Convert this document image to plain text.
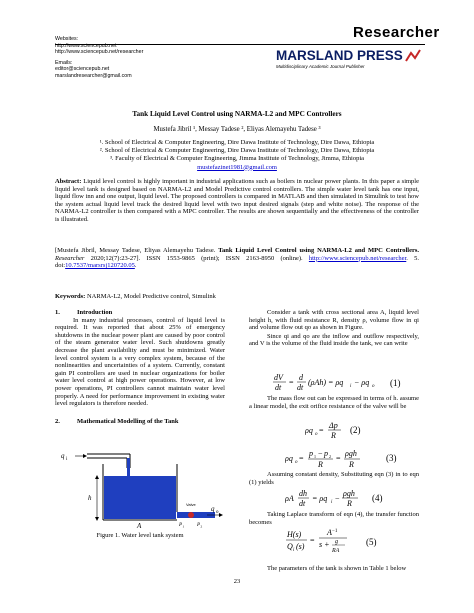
Websites:
http://www.sciencepub.net
http://www.sciencepub.net/researcher
Emails:
editor@sciencepub.net
marslandresearcher@gmail.com
Researcher
MARSLAND PRESS
Multidisciplinary Academic Journal Publisher
Tank Liquid Level Control using NARMA-L2 and MPC Controllers
Mustefa Jibril ¹, Messay Tadese ², Eliyas Alemayehu Tadese ³
¹. School of Electrical & Computer Engineering, Dire Dawa Institute of Technology, Dire Dawa, Ethiopia
². School of Electrical & Computer Engineering, Dire Dawa Institute of Technology, Dire Dawa, Ethiopia
³. Faculty of Electrical & Computer Engineering, Jimma Institute of Technology, Jimma, Ethiopia
mustefazinet1981@gmail.com
Abstract: Liquid level control is highly important in industrial applications such as boilers in nuclear power plants. In this paper a simple liquid level tank is designed based on NARMA-L2 and Model Predictive control controllers. The simple water level tank has one input, liquid flow inn and one output, liquid level. The proposed controllers is compared in MATLAB and then simulated in Simulink to test how the system actual liquid level track the desired liquid level with two input desired signals (step and white noise). The response of the NARMA-L2 controller is then compared with a MPC controller. The results are shown sequentially and the effectiveness of the controller is illustrated.
[Mustefa Jibril, Messay Tadese, Eliyas Alemayehu Tadese. Tank Liquid Level Control using NARMA-L2 and MPC Controllers. Researcher 2020;12(7):23-27]. ISSN 1553-9865 (print); ISSN 2163-8950 (online). http://www.sciencepub.net/researcher. 5. doi:10.7537/marsrsj120720.05.
Keywords: NARMA-L2, Model Predictive control, Simulink
1.	Introduction
In many industrial processes, control of liquid level is required. It was reported that about 25% of emergency shutdowns in the nuclear power plant are caused by poor control of the steam generator water level. Such shutdowns greatly decrease the plant availability and must be minimized. Water level control system is a very complex system, because of the nonlinearities and uncertainties of a system. Currently, constant gain PI controllers are used in nuclear organizations for boiler water level control at high power operations. However, at low power operations, PI controllers cannot maintain water level properly. A need for performance improvement in existing water level regulators is therefore needed.
2.	Mathematical Modelling of the Tank
q i
h
Valve
A	P 1	P 2
q o
Figure 1. Water level tank system
Consider a tank with cross sectional area A, liquid level height h, with fluid resistance R, density ρ, volume flow in qi and volume flow out qo as shown in Figure.
Since qi and qo are the inflow and outflow respectively, and V is the volume of the fluid inside the tank, we can write
dV
dt
=
d
dt
(ρAh) = ρq i − ρq o (1)
The mass flow out can be expressed in terms of h. assume a linear model, the exit orifice resistance of the valve will be
ρq o =
Δp
R
(2)
ρq o =
p 1 − p 2
R
=
ρgh
R
(3)
Assuming constant density, Substituting eqn (3) in to eqn (1) yields
ρA
dh
dt
= ρq i −
ρgh
R
(4)
Taking Laplace transform of eqn (4), the transfer function becomes
H(s)
Q i (s)
=
A −1
s + g
RA
(5)
The parameters of the tank is shown in Table 1 below
23
